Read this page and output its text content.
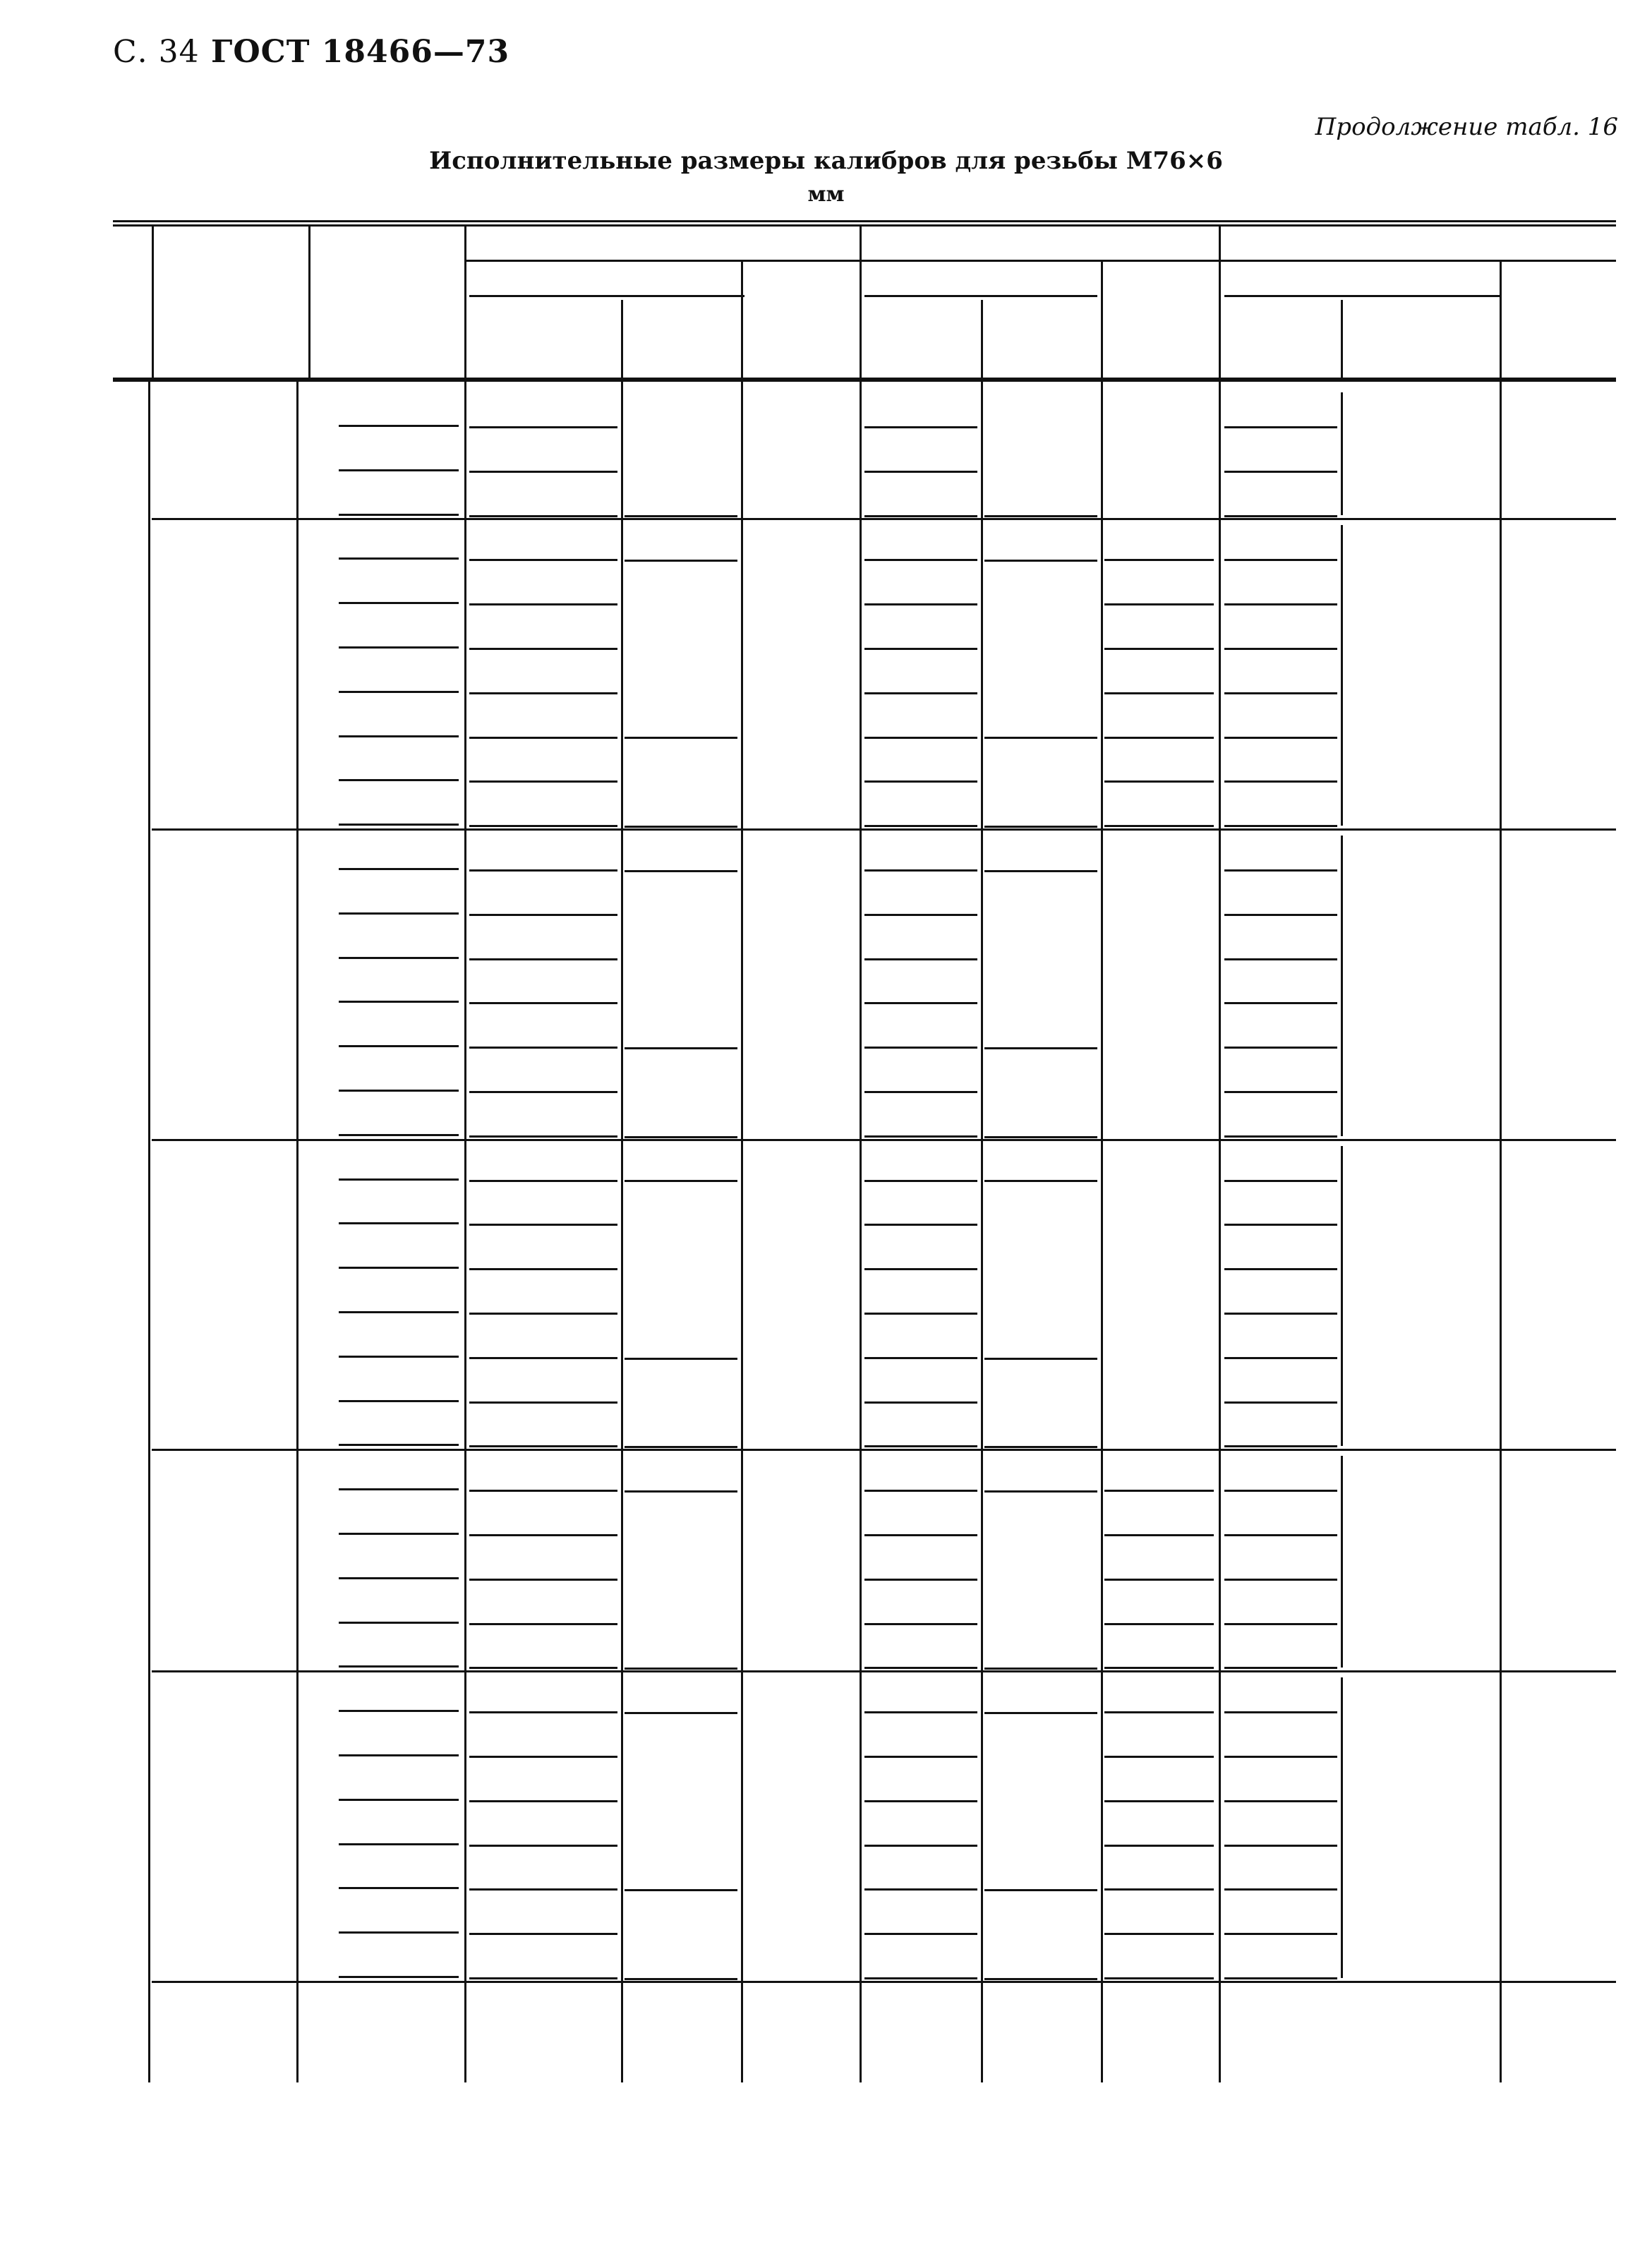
С. 34 ГОСТ 18466—73
Продолжение табл. 16
Исполнительные размеры калибров для резьбы M76×6
мм
